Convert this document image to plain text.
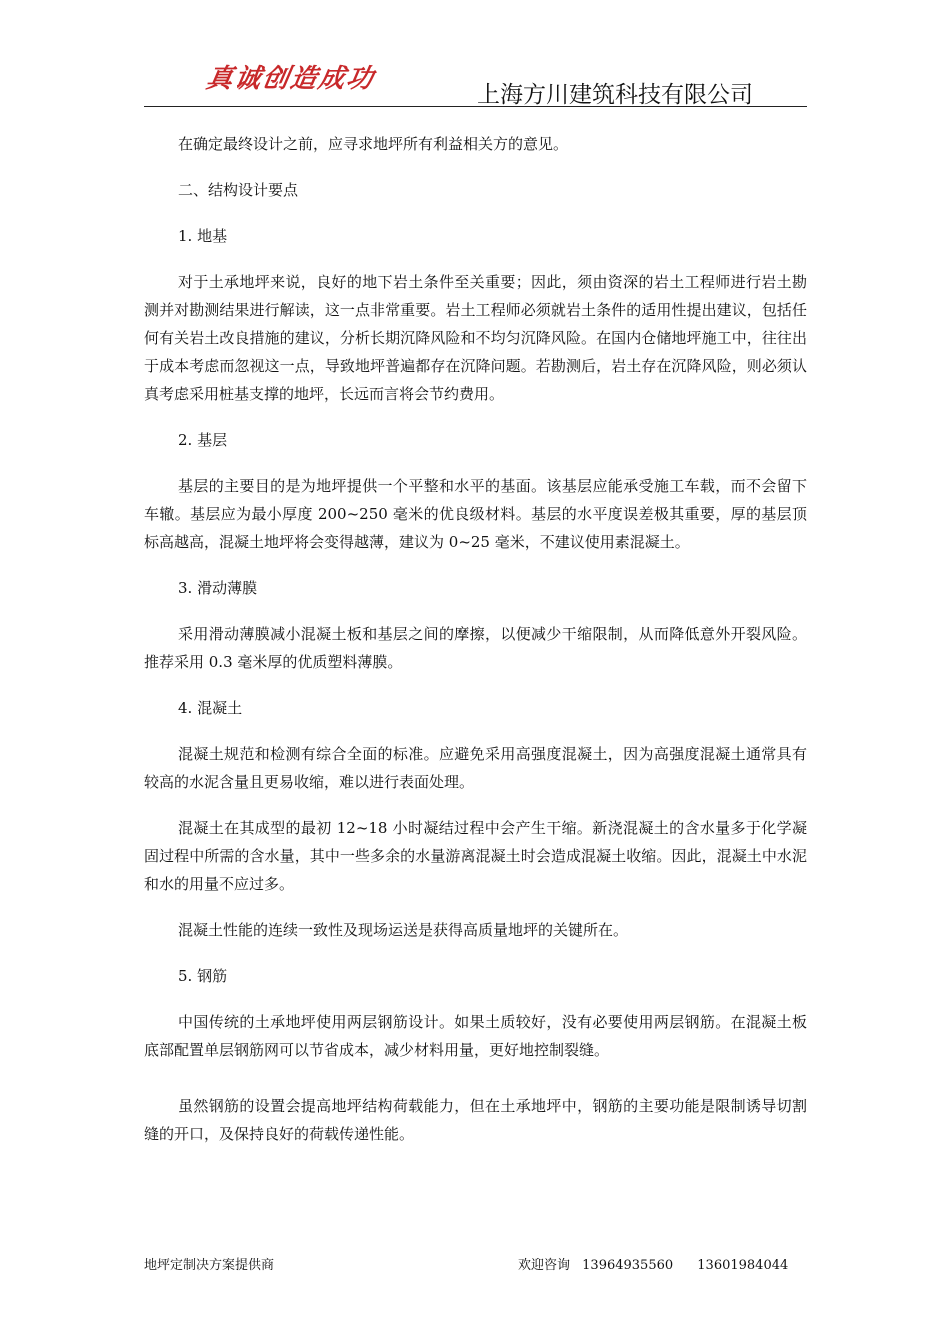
真诚创造成功
上海方川建筑科技有限公司

在确定最终设计之前，应寻求地坪所有利益相关方的意见。

二、结构设计要点

1. 地基

对于土承地坪来说，良好的地下岩土条件至关重要；因此，须由资深的岩土工程师进行岩土勘测并对勘测结果进行解读，这一点非常重要。岩土工程师必须就岩土条件的适用性提出建议，包括任何有关岩土改良措施的建议，分析长期沉降风险和不均匀沉降风险。在国内仓储地坪施工中，往往出于成本考虑而忽视这一点，导致地坪普遍都存在沉降问题。若勘测后，岩土存在沉降风险，则必须认真考虑采用桩基支撑的地坪，长远而言将会节约费用。

2. 基层

基层的主要目的是为地坪提供一个平整和水平的基面。该基层应能承受施工车载，而不会留下车辙。基层应为最小厚度 200~250 毫米的优良级材料。基层的水平度误差极其重要，厚的基层顶标高越高，混凝土地坪将会变得越薄，建议为 0~25 毫米，不建议使用素混凝土。

3. 滑动薄膜

采用滑动薄膜减小混凝土板和基层之间的摩擦，以便减少干缩限制，从而降低意外开裂风险。推荐采用 0.3 毫米厚的优质塑料薄膜。

4. 混凝土

混凝土规范和检测有综合全面的标准。应避免采用高强度混凝土，因为高强度混凝土通常具有较高的水泥含量且更易收缩，难以进行表面处理。

混凝土在其成型的最初 12~18 小时凝结过程中会产生干缩。新浇混凝土的含水量多于化学凝固过程中所需的含水量，其中一些多余的水量游离混凝土时会造成混凝土收缩。因此，混凝土中水泥和水的用量不应过多。

混凝土性能的连续一致性及现场运送是获得高质量地坪的关键所在。

5. 钢筋

中国传统的土承地坪使用两层钢筋设计。如果土质较好，没有必要使用两层钢筋。在混凝土板底部配置单层钢筋网可以节省成本，减少材料用量，更好地控制裂缝。

虽然钢筋的设置会提高地坪结构荷载能力，但在土承地坪中，钢筋的主要功能是限制诱导切割缝的开口，及保持良好的荷载传递性能。

地坪定制决方案提供商	欢迎咨询 13964935560 13601984044
